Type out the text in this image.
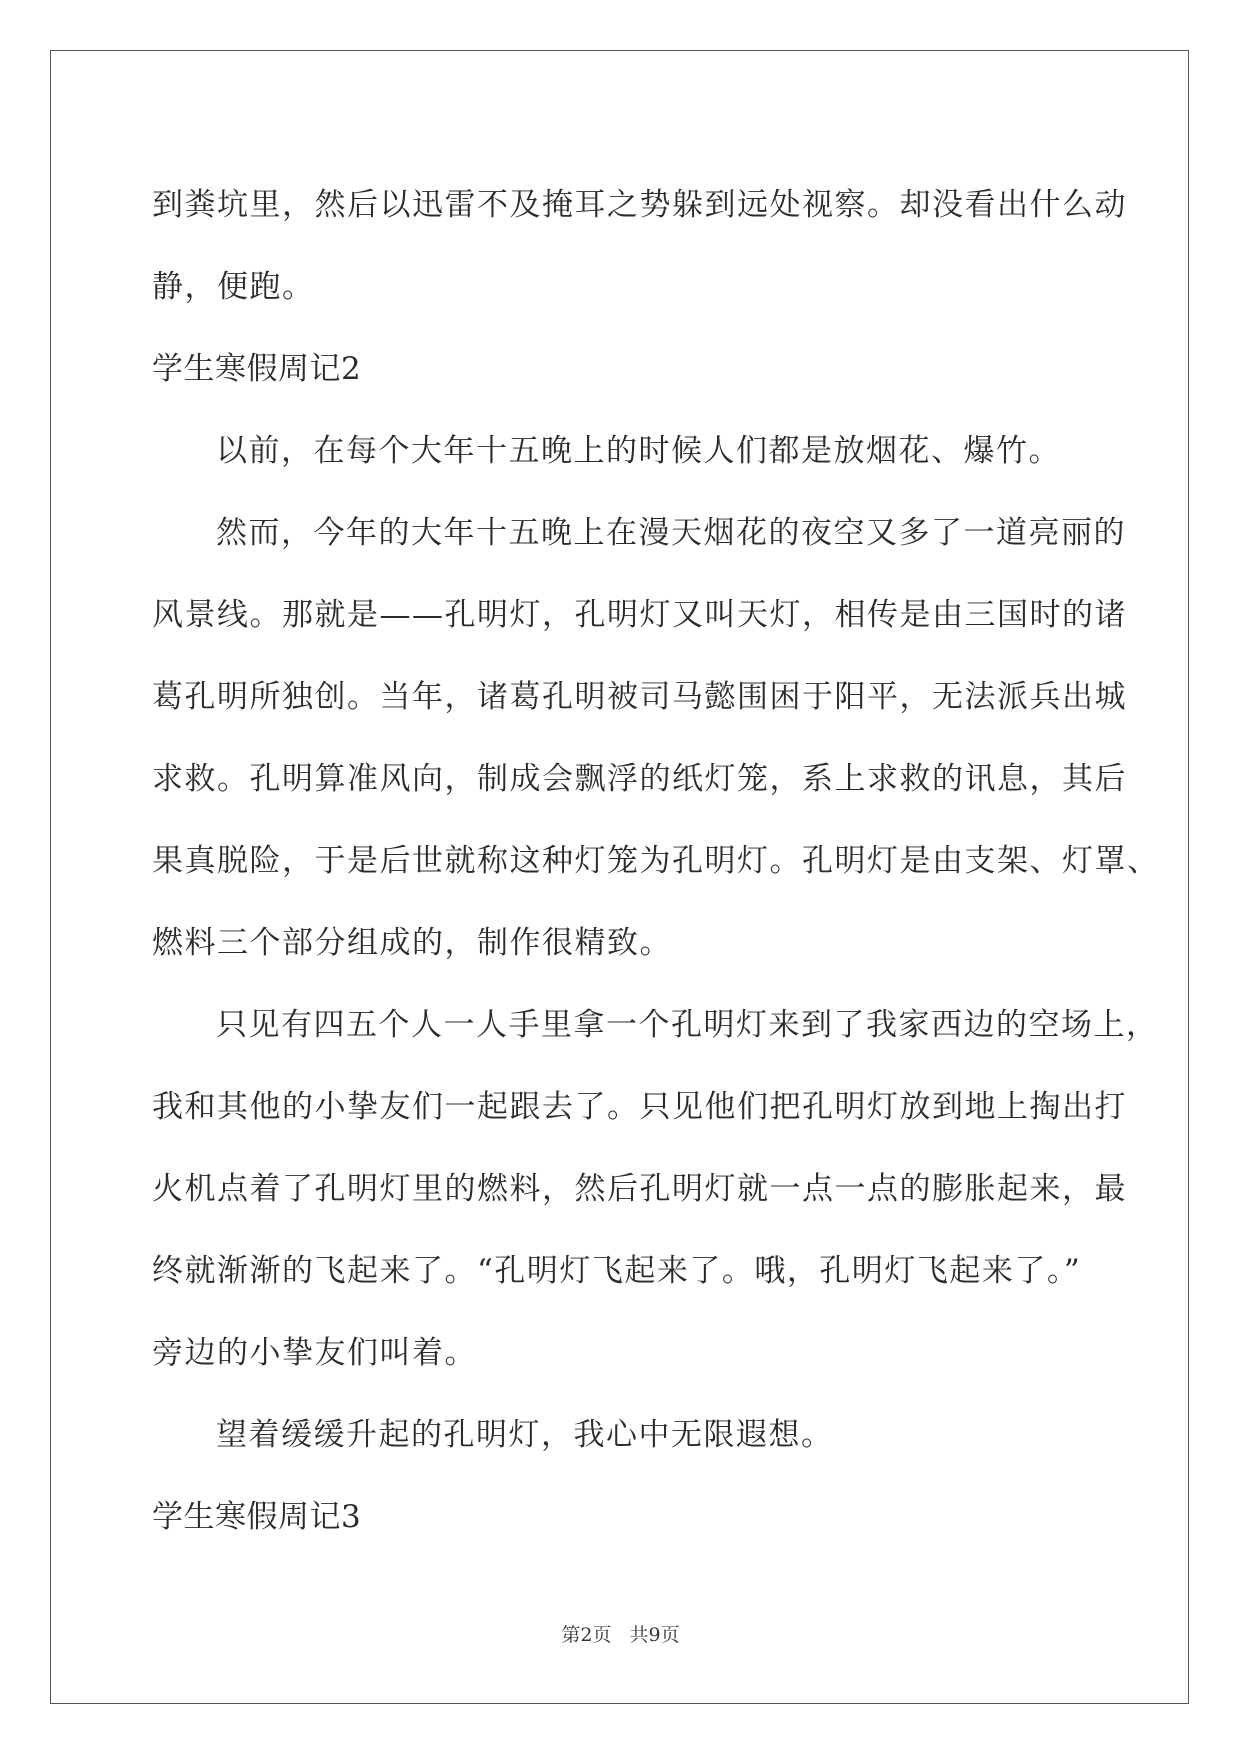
到粪坑里，然后以迅雷不及掩耳之势躲到远处视察。却没看出什么动
静，便跑。
学生寒假周记2
以前，在每个大年十五晚上的时候人们都是放烟花、爆竹。
然而，今年的大年十五晚上在漫天烟花的夜空又多了一道亮丽的
风景线。那就是——孔明灯，孔明灯又叫天灯，相传是由三国时的诸
葛孔明所独创。当年，诸葛孔明被司马懿围困于阳平，无法派兵出城
求救。孔明算准风向，制成会飘浮的纸灯笼，系上求救的讯息，其后
果真脱险，于是后世就称这种灯笼为孔明灯。孔明灯是由支架、灯罩、
燃料三个部分组成的，制作很精致。
只见有四五个人一人手里拿一个孔明灯来到了我家西边的空场上，
我和其他的小挚友们一起跟去了。只见他们把孔明灯放到地上掏出打
火机点着了孔明灯里的燃料，然后孔明灯就一点一点的膨胀起来，最
终就渐渐的飞起来了。“孔明灯飞起来了。哦，孔明灯飞起来了。”
旁边的小挚友们叫着。
望着缓缓升起的孔明灯，我心中无限遐想。
学生寒假周记3
第2页 共9页
